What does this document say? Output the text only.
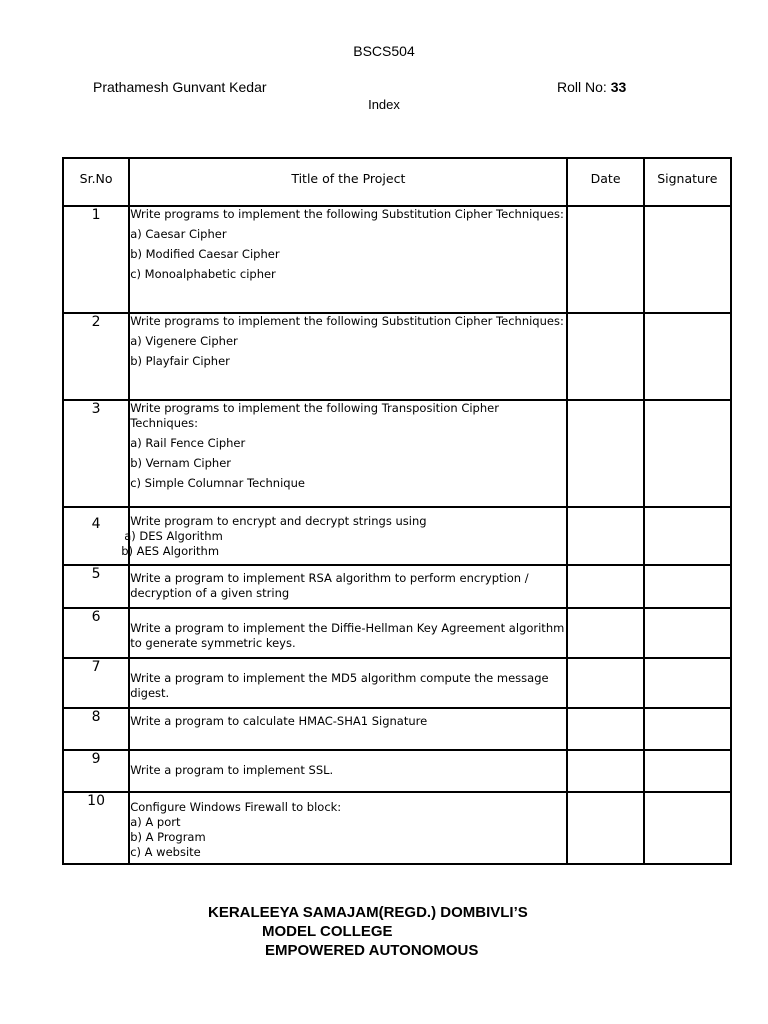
BSCS504
Prathamesh Gunvant Kedar	Roll No: 33
Index
Sr.No	Title of the Project	Date	Signature
1	Write programs to implement the following Substitution Cipher Techniques:
a) Caesar Cipher
b) Modified Caesar Cipher
c) Monoalphabetic cipher		

2	Write programs to implement the following Substitution Cipher Techniques:
a) Vigenere Cipher
b) Playfair Cipher		

3	Write programs to implement the following Transposition Cipher Techniques:
a) Rail Fence Cipher
b) Vernam Cipher
c) Simple Columnar Technique		

4	Write program to encrypt and decrypt strings using
a) DES Algorithm
b) AES Algorithm		

5	Write a program to implement RSA algorithm to perform encryption / decryption of a given string		

6	Write a program to implement the Diffie-Hellman Key Agreement algorithm to generate symmetric keys.		

7	Write a program to implement the MD5 algorithm compute the message digest.		

8	Write a program to calculate HMAC-SHA1 Signature		

9	Write a program to implement SSL.		

10	Configure Windows Firewall to block:
a) A port
b) A Program
c) A website		

KERALEEYA SAMAJAM(REGD.) DOMBIVLI’S
MODEL COLLEGE
EMPOWERED AUTONOMOUS
